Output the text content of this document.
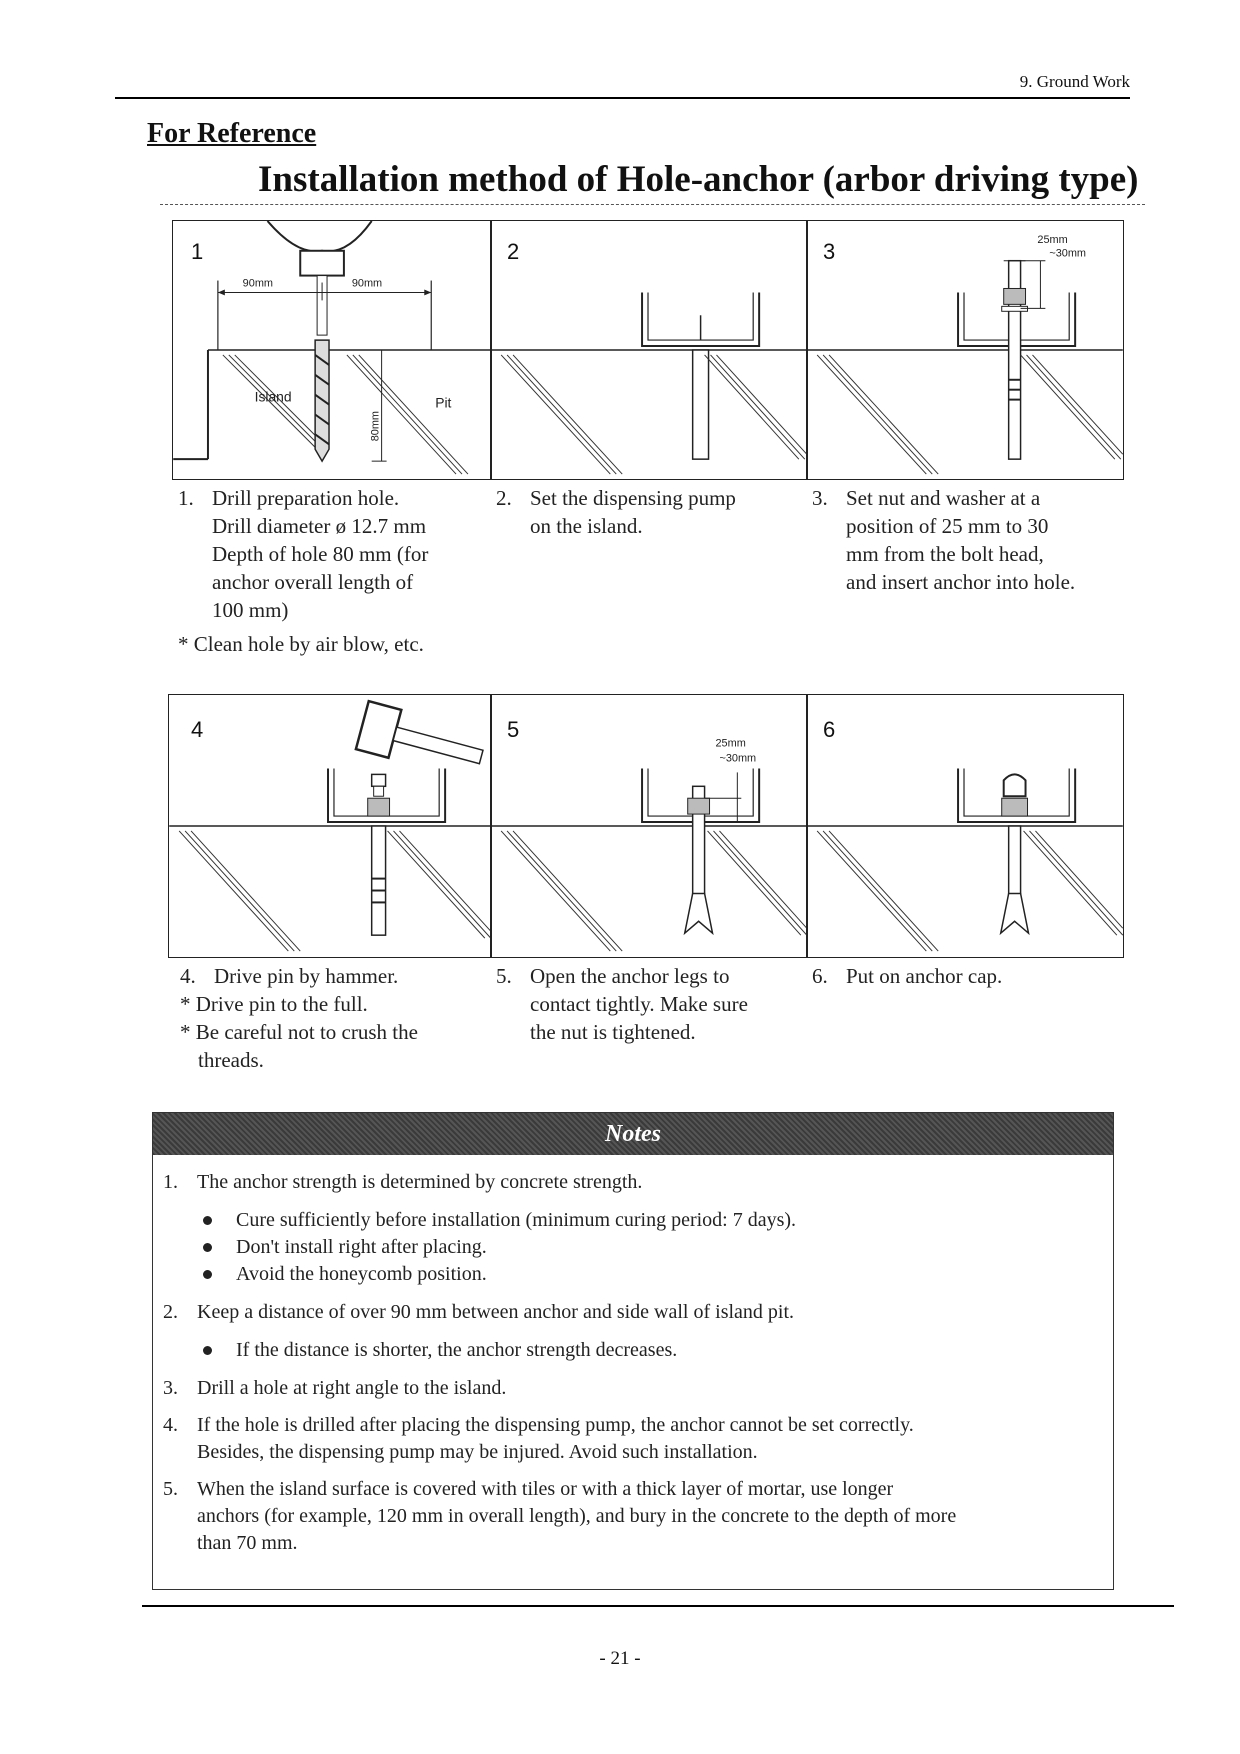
9. Ground Work
For Reference
Installation method of Hole-anchor (arbor driving type)
90mm	90mm
80mm
Island	Pit
1	2	25mm
~30mm
3
1. Drill preparation hole.
Drill diameter ø 12.7 mm
Depth of hole 80 mm (for
anchor overall length of
100 mm)
* Clean hole by air blow, etc.
2. Set the dispensing pump
on the island.
3. Set nut and washer at a
position of 25 mm to 30
mm from the bolt head,
and insert anchor into hole.
4
25mm
~30mm
5	6
4. Drive pin by hammer.
* Drive pin to the full.
* Be careful not to crush the
threads.
5. Open the anchor legs to
contact tightly. Make sure
the nut is tightened.
6. Put on anchor cap.
Notes
1. The anchor strength is determined by concrete strength.
Cure sufficiently before installation (minimum curing period: 7 days).
Don't install right after placing.
Avoid the honeycomb position.
2. Keep a distance of over 90 mm between anchor and side wall of island pit.
If the distance is shorter, the anchor strength decreases.
3. Drill a hole at right angle to the island.
4. If the hole is drilled after placing the dispensing pump, the anchor cannot be set correctly.
Besides, the dispensing pump may be injured. Avoid such installation.
5. When the island surface is covered with tiles or with a thick layer of mortar, use longer
anchors (for example, 120 mm in overall length), and bury in the concrete to the depth of more
than 70 mm.
- 21 -
